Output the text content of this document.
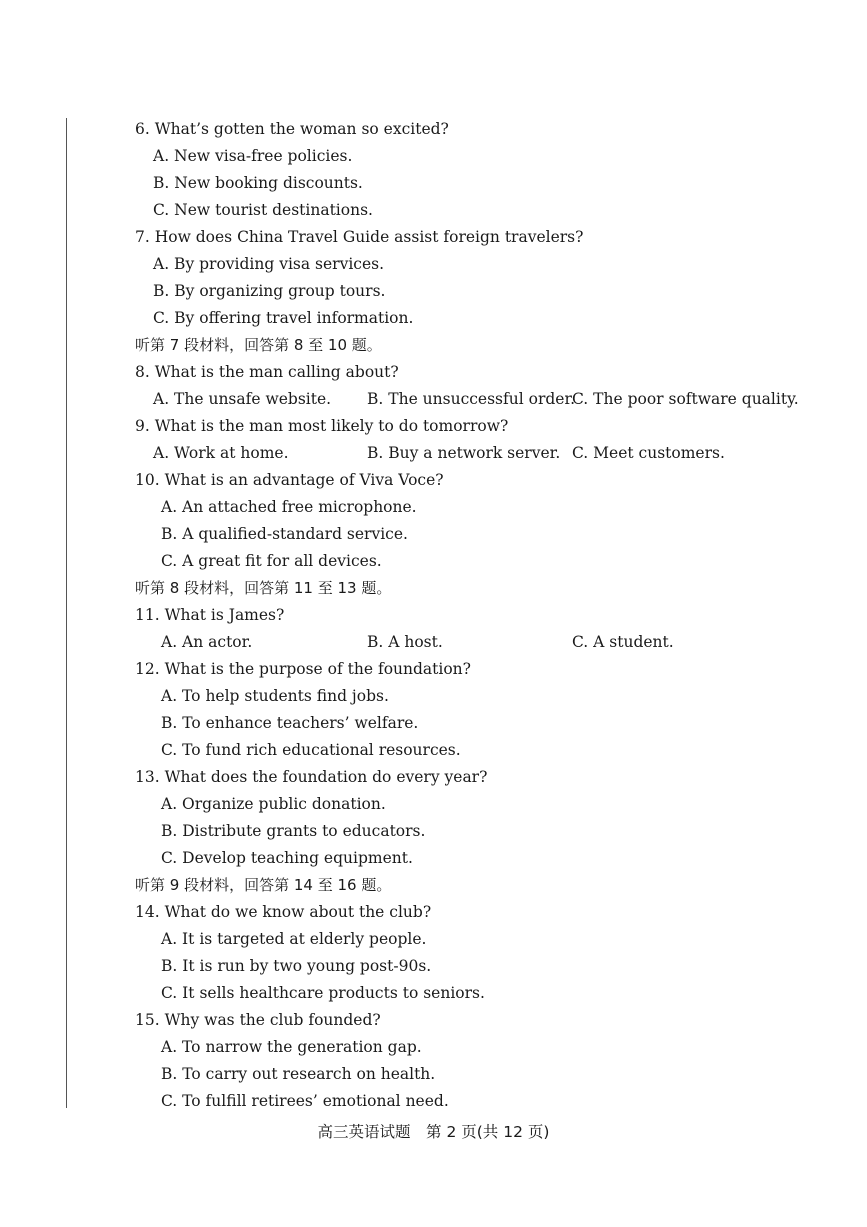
6. What’s gotten the woman so excited?
A. New visa-free policies.
B. New booking discounts.
C. New tourist destinations.
7. How does China Travel Guide assist foreign travelers?
A. By providing visa services.
B. By organizing group tours.
C. By offering travel information.
听第 7 段材料，回答第 8 至 10 题。
8. What is the man calling about?
A. The unsafe website. B. The unsuccessful order.
C. The poor software quality.
9. What is the man most likely to do tomorrow?
A. Work at home.	B. Buy a network server. C. Meet customers.
10. What is an advantage of Viva Voce?
A. An attached free microphone.
B. A qualified-standard service.
C. A great fit for all devices.
听第 8 段材料，回答第 11 至 13 题。
11. What is James?
A. An actor.	B. A host.	C. A student.
12. What is the purpose of the foundation?
A. To help students find jobs.
B. To enhance teachers’ welfare.
C. To fund rich educational resources.
13. What does the foundation do every year?
A. Organize public donation.
B. Distribute grants to educators.
C. Develop teaching equipment.
听第 9 段材料，回答第 14 至 16 题。
14. What do we know about the club?
A. It is targeted at elderly people.
B. It is run by two young post-90s.
C. It sells healthcare products to seniors.
15. Why was the club founded?
A. To narrow the generation gap.
B. To carry out research on health.
C. To fulfill retirees’ emotional need.
高三英语试题　第 2 页(共 12 页)
